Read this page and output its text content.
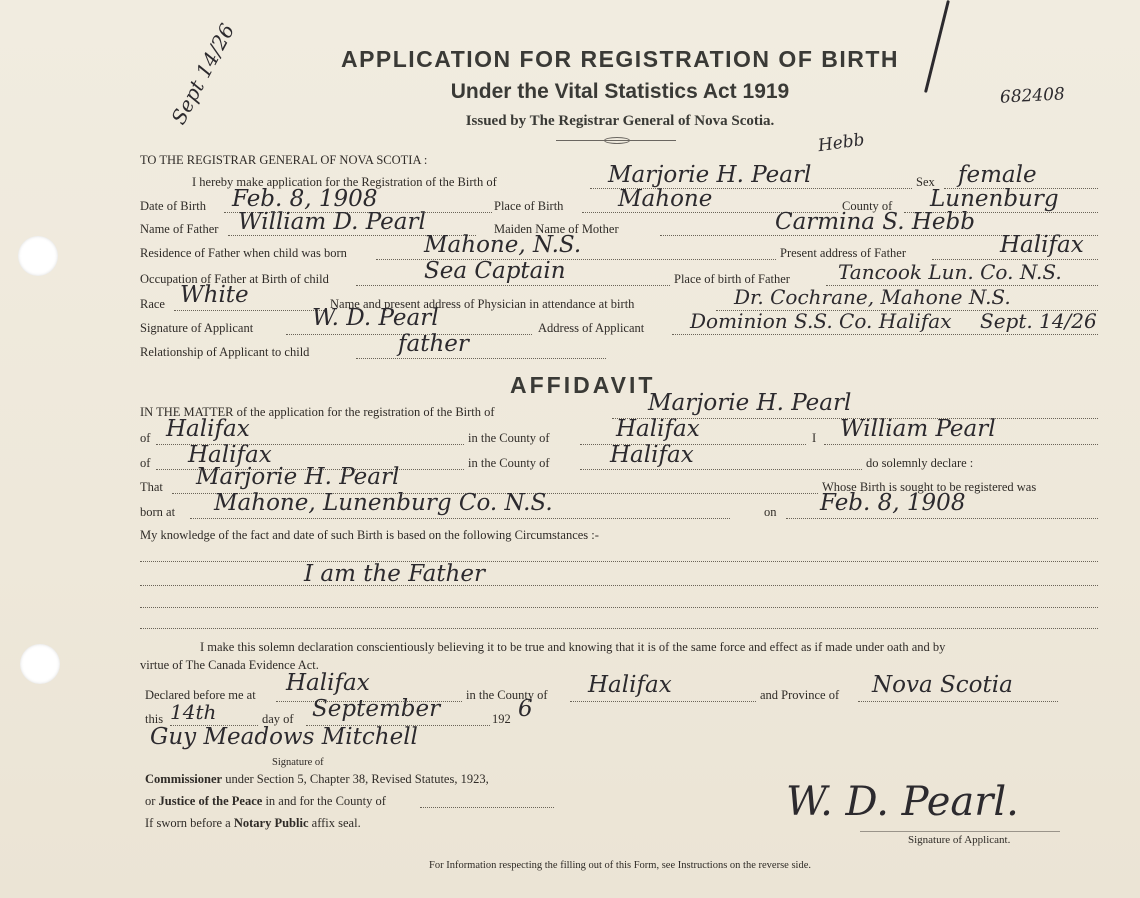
Sept 14/26	682408
APPLICATION FOR REGISTRATION OF BIRTH
Under the Vital Statistics Act 1919
Issued by The Registrar General of Nova Scotia.
TO THE REGISTRAR GENERAL OF NOVA SCOTIA :
I hereby make application for the Registration of the Birth of	Marjorie H. Pearl
Hebb
Sex female
Date of Birth Feb. 8, 1908	Place of Birth Mahone	County of Lunenburg
Name of Father William D. Pearl	Maiden Name of Mother	Carmina S. Hebb
Residence of Father when child was born	Mahone, N.S.	Present address of Father	Halifax
Occupation of Father at Birth of child	Sea Captain	Place of birth of Father Tancook Lun. Co. N.S.
Race White	Name and present address of Physician in attendance at birth	Dr. Cochrane, Mahone N.S.
Signature of Applicant	W. D. Pearl	Address of Applicant Dominion S.S. Co. Halifax Sept. 14/26
Relationship of Applicant to child	father
AFFIDAVIT
IN THE MATTER of the application for the registration of the Birth of	Marjorie H. Pearl
of Halifax	in the County of	Halifax	I William Pearl
of Halifax	in the County of	Halifax	do solemnly declare :
That Marjorie H. Pearl	Whose Birth is sought to be registered was
born at Mahone, Lunenburg Co. N.S.	on Feb. 8, 1908
My knowledge of the fact and date of such Birth is based on the following Circumstances :-
I am the Father
I make this solemn declaration conscientiously believing it to be true and knowing that it is of the same force and effect as if made under oath and by
virtue of The Canada Evidence Act.
Declared before me at Halifax	in the County of Halifax	and Province of Nova Scotia
this 14th	day of September	192 6
Guy Meadows Mitchell
Signature of
Commissioner under Section 5, Chapter 38, Revised Statutes, 1923,
or Justice of the Peace in and for the County of
If sworn before a Notary Public affix seal.	W. D. Pearl.
Signature of Applicant.
For Information respecting the filling out of this Form, see Instructions on the reverse side.
